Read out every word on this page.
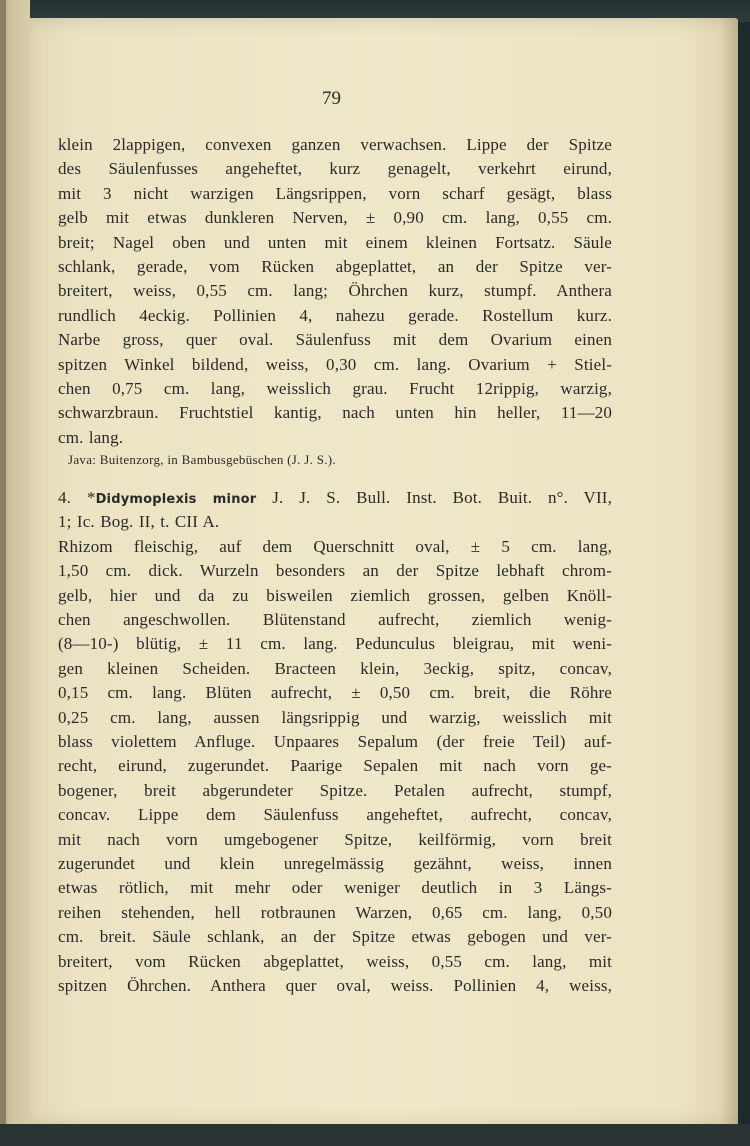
79
klein 2lappigen, convexen ganzen verwachsen. Lippe der Spitze
des Säulenfusses angeheftet, kurz genagelt, verkehrt eirund,
mit 3 nicht warzigen Längsrippen, vorn scharf gesägt, blass
gelb mit etwas dunkleren Nerven, ± 0,90 cm. lang, 0,55 cm.
breit; Nagel oben und unten mit einem kleinen Fortsatz. Säule
schlank, gerade, vom Rücken abgeplattet, an der Spitze ver-
breitert, weiss, 0,55 cm. lang; Öhrchen kurz, stumpf. Anthera
rundlich 4eckig. Pollinien 4, nahezu gerade. Rostellum kurz.
Narbe gross, quer oval. Säulenfuss mit dem Ovarium einen
spitzen Winkel bildend, weiss, 0,30 cm. lang. Ovarium + Stiel-
chen 0,75 cm. lang, weisslich grau. Frucht 12rippig, warzig,
schwarzbraun. Fruchtstiel kantig, nach unten hin heller, 11—20
cm. lang.
Java: Buitenzorg, in Bambusgebüschen (J. J. S.).
4. *Didymoplexis minor J. J. S. Bull. Inst. Bot. Buit. n°. VII,
1; Ic. Bog. II, t. CII A.
Rhizom fleischig, auf dem Querschnitt oval, ± 5 cm. lang,
1,50 cm. dick. Wurzeln besonders an der Spitze lebhaft chrom-
gelb, hier und da zu bisweilen ziemlich grossen, gelben Knöll-
chen angeschwollen. Blütenstand aufrecht, ziemlich wenig-
(8—10-) blütig, ± 11 cm. lang. Pedunculus bleigrau, mit weni-
gen kleinen Scheiden. Bracteen klein, 3eckig, spitz, concav,
0,15 cm. lang. Blüten aufrecht, ± 0,50 cm. breit, die Röhre
0,25 cm. lang, aussen längsrippig und warzig, weisslich mit
blass violettem Anfluge. Unpaares Sepalum (der freie Teil) auf-
recht, eirund, zugerundet. Paarige Sepalen mit nach vorn ge-
bogener, breit abgerundeter Spitze. Petalen aufrecht, stumpf,
concav. Lippe dem Säulenfuss angeheftet, aufrecht, concav,
mit nach vorn umgebogener Spitze, keilförmig, vorn breit
zugerundet und klein unregelmässig gezähnt, weiss, innen
etwas rötlich, mit mehr oder weniger deutlich in 3 Längs-
reihen stehenden, hell rotbraunen Warzen, 0,65 cm. lang, 0,50
cm. breit. Säule schlank, an der Spitze etwas gebogen und ver-
breitert, vom Rücken abgeplattet, weiss, 0,55 cm. lang, mit
spitzen Öhrchen. Anthera quer oval, weiss. Pollinien 4, weiss,
